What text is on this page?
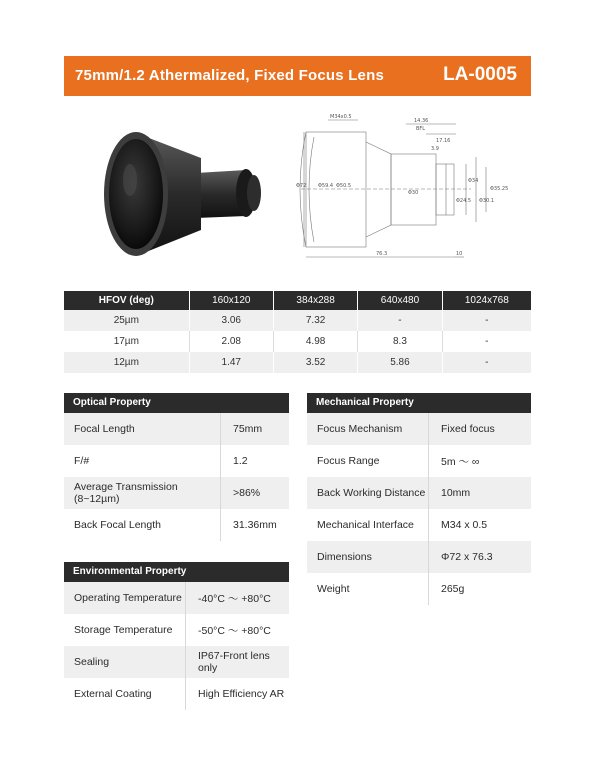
75mm/1.2 Athermalized, Fixed Focus Lens	LA-0005
M34x0.5
14.36
BFL
17.16
3.9
76.3	10
Φ72 Φ59.4 Φ50.5
Φ30
Φ34
Φ35.25
Φ24.5 Φ30.1
HFOV (deg)	160x120	384x288	640x480	1024x768
25µm	3.06	7.32	-	-
17µm	2.08	4.98	8.3	-
12µm	1.47	3.52	5.86	-
Optical Property
Focal Length	75mm
F/#	1.2
Average Transmission (8~12µm)	>86%
Back Focal Length	31.36mm
Mechanical Property
Focus Mechanism	Fixed focus
Focus Range	5m ～ ∞
Back Working Distance	10mm
Mechanical Interface	M34 x 0.5
Dimensions	Φ72 x 76.3
Weight	265g
Environmental Property
Operating Temperature	-40°C ～ +80°C
Storage Temperature	-50°C ～ +80°C
Sealing	IP67-Front lens only
External Coating	High Efficiency AR
